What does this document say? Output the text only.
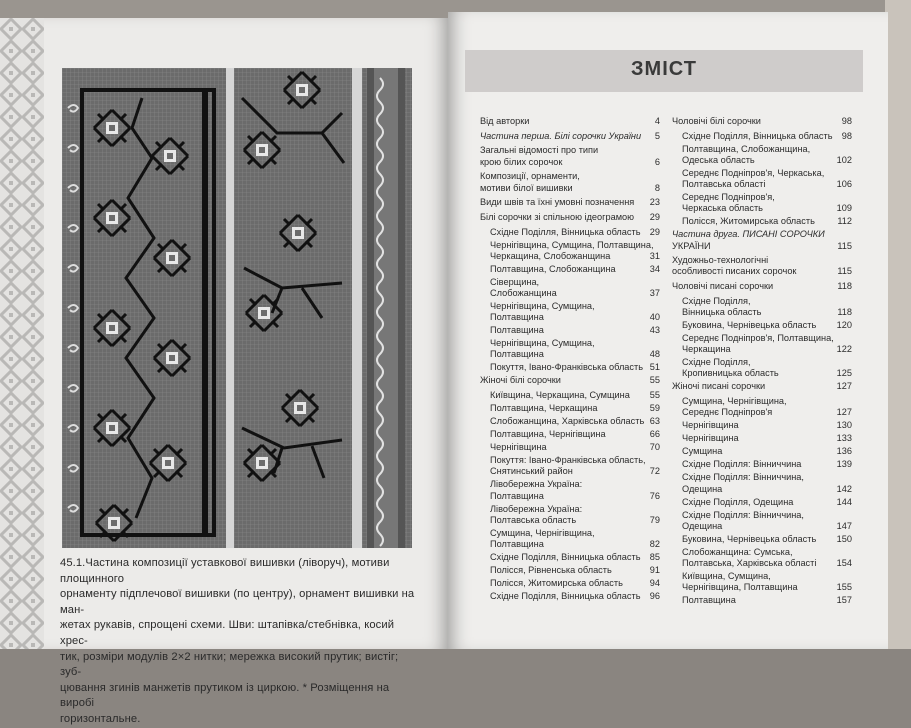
45.1.Частина композиції уставкової вишивки (ліворуч), мотиви площинного
орнаменту підплечової вишивки (по центру), орнамент вишивки на ман-
жетах рукавів, спрощені схеми. Шви: штапівка/стебнівка, косий хрес-
тик, розміри модулів 2×2 нитки; мережка високий прутик; вистіг; зуб-
цювання згинів манжетів прутиком із циркою. * Розміщення на виробі
горизонтальне.
ЗМІСТ
Від авторки	4
Частина перша. Білі сорочки України	5
Загальні відомості про типи
крою білих сорочок	6
Композиції, орнаменти,
мотиви білої вишивки	8
Види швів та їхні умовні позначення	23
Білі сорочки зі спільною ідеограмою	29
Східне Поділля, Вінницька область	29
Чернігівщина, Сумщина, Полтавщина,
Черкащина, Слобожанщина	31
Полтавщина, Слобожанщина	34
Сіверщина,
Слобожанщина	37
Чернігівщина, Сумщина,
Полтавщина	40
Полтавщина	43
Чернігівщина, Сумщина,
Полтавщина	48
Покуття, Івано-Франківська область 51
Жіночі білі сорочки	55
Київщина, Черкащина, Сумщина	55
Полтавщина, Черкащина	59
Слобожанщина, Харківська область 63
Полтавщина, Чернігівщина	66
Чернігівщина	70
Покуття: Івано-Франківська область,
Снятинський район	72
Лівобережна Україна:
Полтавщина	76
Лівобережна Україна:
Полтавська область	79
Сумщина, Чернігівщина,
Полтавщина	82
Східне Поділля, Вінницька область	85
Полісся, Рівненська область	91
Полісся, Житомирська область	94
Східне Поділля, Вінницька область	96
Чоловічі білі сорочки	98
Східне Поділля, Вінницька область	98
Полтавщина, Слобожанщина,
Одеська область	102
Середнє Подніпров'я, Черкаська,
Полтавська області	106
Середнє Подніпров'я,
Черкаська область	109
Полісся, Житомирська область	112
Частина друга. ПИСАНІ СОРОЧКИ
УКРАЇНИ	115
Художньо-технологічні
особливості писаних сорочок	115
Чоловічі писані сорочки	118
Східне Поділля,
Вінницька область	118
Буковина, Чернівецька область	120
Середнє Подніпров'я, Полтавщина,
Черкащина	122
Східне Поділля,
Кропивницька область	125
Жіночі писані сорочки	127
Сумщина, Чернігівщина,
Середнє Подніпров'я	127
Чернігівщина	130
Чернігівщина	133
Сумщина	136
Східне Поділля: Вінниччина	139
Східне Поділля: Вінниччина,
Одещина	142
Східне Поділля, Одещина	144
Східне Поділля: Вінниччина,
Одещина	147
Буковина, Чернівецька область	150
Слобожанщина: Сумська,
Полтавська, Харківська області	154
Київщина, Сумщина,
Чернігівщина, Полтавщина	155
Полтавщина	157
